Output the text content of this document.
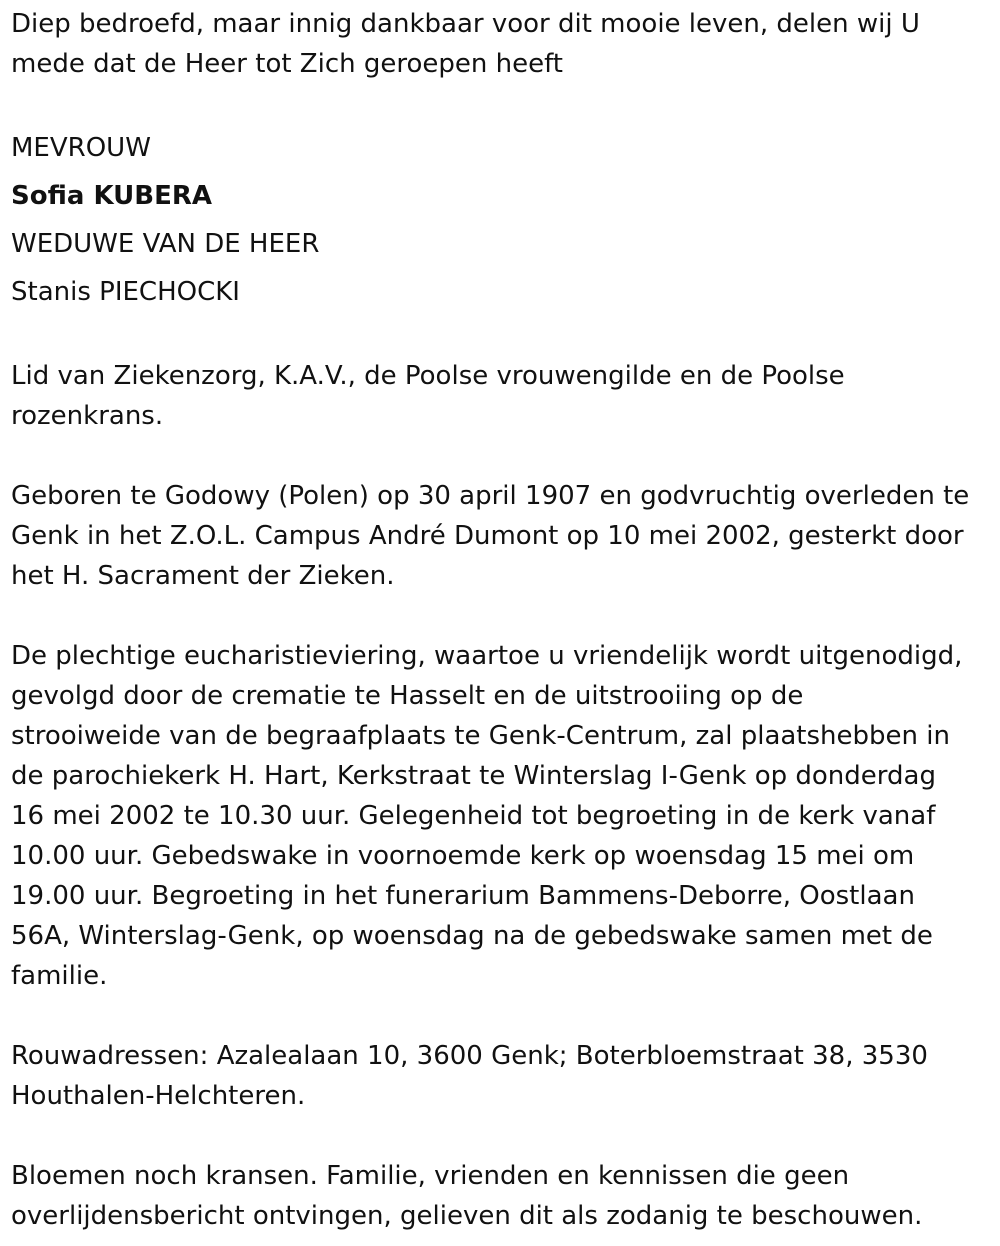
Diep bedroefd, maar innig dankbaar voor dit mooie leven, delen wij U
mede dat de Heer tot Zich geroepen heeft

MEVROUW
Sofia KUBERA
WEDUWE VAN DE HEER
Stanis PIECHOCKI

Lid van Ziekenzorg, K.A.V., de Poolse vrouwengilde en de Poolse
rozenkrans.

Geboren te Godowy (Polen) op 30 april 1907 en godvruchtig overleden te
Genk in het Z.O.L. Campus André Dumont op 10 mei 2002, gesterkt door
het H. Sacrament der Zieken.

De plechtige eucharistieviering, waartoe u vriendelijk wordt uitgenodigd,
gevolgd door de crematie te Hasselt en de uitstrooiing op de
strooiweide van de begraafplaats te Genk-Centrum, zal plaatshebben in
de parochiekerk H. Hart, Kerkstraat te Winterslag I-Genk op donderdag
16 mei 2002 te 10.30 uur. Gelegenheid tot begroeting in de kerk vanaf
10.00 uur. Gebedswake in voornoemde kerk op woensdag 15 mei om
19.00 uur. Begroeting in het funerarium Bammens-Deborre, Oostlaan
56A, Winterslag-Genk, op woensdag na de gebedswake samen met de
familie.

Rouwadressen: Azalealaan 10, 3600 Genk; Boterbloemstraat 38, 3530
Houthalen-Helchteren.

Bloemen noch kransen. Familie, vrienden en kennissen die geen
overlijdensbericht ontvingen, gelieven dit als zodanig te beschouwen.
